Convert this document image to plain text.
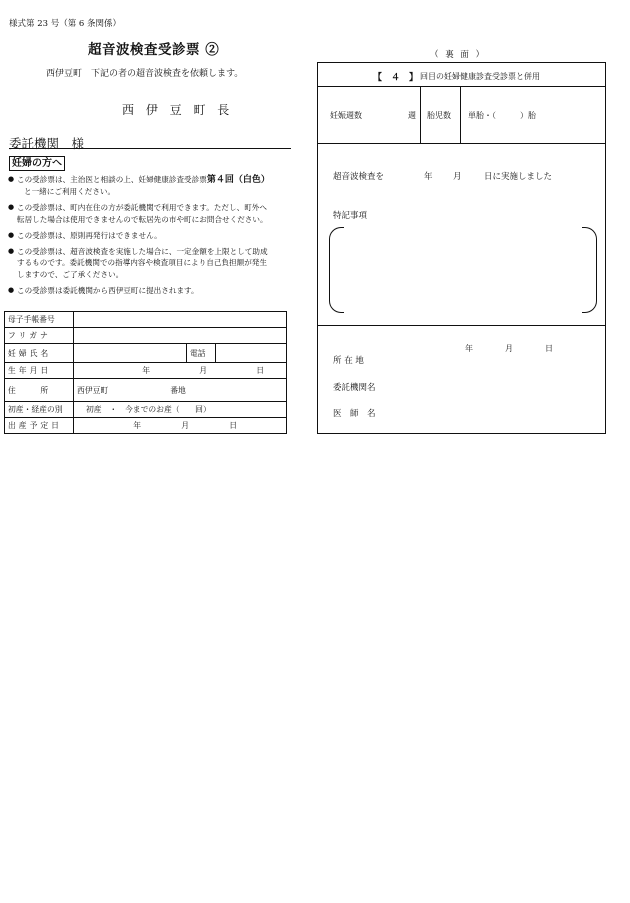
様式第 23 号（第 6 条関係）
超音波検査受診票 ②
西伊豆町　下記の者の超音波検査を依頼します。
西 伊 豆 町 長
委託機関　様
妊婦の方へ
● この受診票は、主治医と相談の上、妊婦健康診査受診票第４回（白色）
と一緒にご利用ください。
● この受診票は、町内在住の方が委託機関で利用できます。ただし、町外へ
転居した場合は使用できませんので転居先の市や町にお問合せください。
● この受診票は、原則再発行はできません。
● この受診票は、超音波検査を実施した場合に、一定金額を上限として助成
するものです。委託機関での指導内容や検査項目により自己負担額が発生
しますので、ご了承ください。
● この受診票は委託機関から西伊豆町に提出されます。
母子手帳番号			
フリガナ			
妊婦氏名		電話	
生年月日	年 月 日		
住　　所	西伊豆町 番地		
初産・経産の別	初産　・　今までのお産（　　回）		
出産予定日	年 月 日		
（ 裏 面 ）
【　４　】 回目の妊婦健康診査受診票と併用
妊娠週数	週 胎児数 単胎・（　　　）胎
超音波検査を	年 月	日に実施しました
特記事項
年	月	日
所 在 地
委託機関名
医　師　名
